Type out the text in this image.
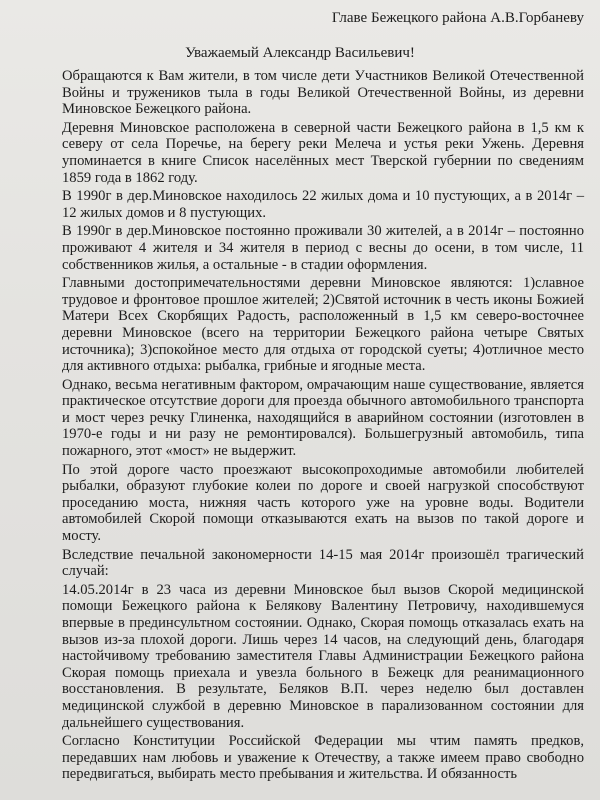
Главе Бежецкого района А.В.Горбаневу
Уважаемый Александр Васильевич!

Обращаются к Вам жители, в том числе дети Участников Великой Отечественной Войны и тружеников тыла в годы Великой Отечественной Войны, из деревни Миновское Бежецкого района.

Деревня Миновское расположена в северной части Бежецкого района в 1,5 км к северу от села Поречье, на берегу реки Мелеча и устья реки Ужень. Деревня упоминается в книге Список населённых мест Тверской губернии по сведениям 1859 года в 1862 году.

В 1990г в дер.Миновское находилось 22 жилых дома и 10 пустующих, а в 2014г – 12 жилых домов и 8 пустующих.

В 1990г в дер.Миновское постоянно проживали 30 жителей, а в 2014г – постоянно проживают 4 жителя и 34 жителя в период с весны до осени, в том числе, 11 собственников жилья, а остальные - в стадии оформления.

Главными достопримечательностями деревни Миновское являются: 1)славное трудовое и фронтовое прошлое жителей; 2)Святой источник в честь иконы Божией Матери Всех Скорбящих Радость, расположенный в 1,5 км северо-восточнее деревни Миновское (всего на территории Бежецкого района четыре Святых источника); 3)спокойное место для отдыха от городской суеты; 4)отличное место для активного отдыха: рыбалка, грибные и ягодные места.

Однако, весьма негативным фактором, омрачающим наше существование, является практическое отсутствие дороги для проезда обычного автомобильного транспорта и мост через речку Глиненка, находящийся в аварийном состоянии (изготовлен в 1970-е годы и ни разу не ремонтировался). Большегрузный автомобиль, типа пожарного, этот «мост» не выдержит.

По этой дороге часто проезжают высокопроходимые автомобили любителей рыбалки, образуют глубокие колеи по дороге и своей нагрузкой способствуют проседанию моста, нижняя часть которого уже на уровне воды. Водители автомобилей Скорой помощи отказываются ехать на вызов по такой дороге и мосту.

Вследствие печальной закономерности 14-15 мая 2014г произошёл трагический случай:

14.05.2014г в 23 часа из деревни Миновское был вызов Скорой медицинской помощи Бежецкого района к Белякову Валентину Петровичу, находившемуся впервые в прединсультном состоянии. Однако, Скорая помощь отказалась ехать на вызов из-за плохой дороги. Лишь через 14 часов, на следующий день, благодаря настойчивому требованию заместителя Главы Администрации Бежецкого района Скорая помощь приехала и увезла больного в Бежецк для реанимационного восстановления. В результате, Беляков В.П. через неделю был доставлен медицинской службой в деревню Миновское в парализованном состоянии для дальнейшего существования.

Согласно Конституции Российской Федерации мы чтим память предков, передавших нам любовь и уважение к Отечеству, а также имеем право свободно передвигаться, выбирать место пребывания и жительства. И обязанность
